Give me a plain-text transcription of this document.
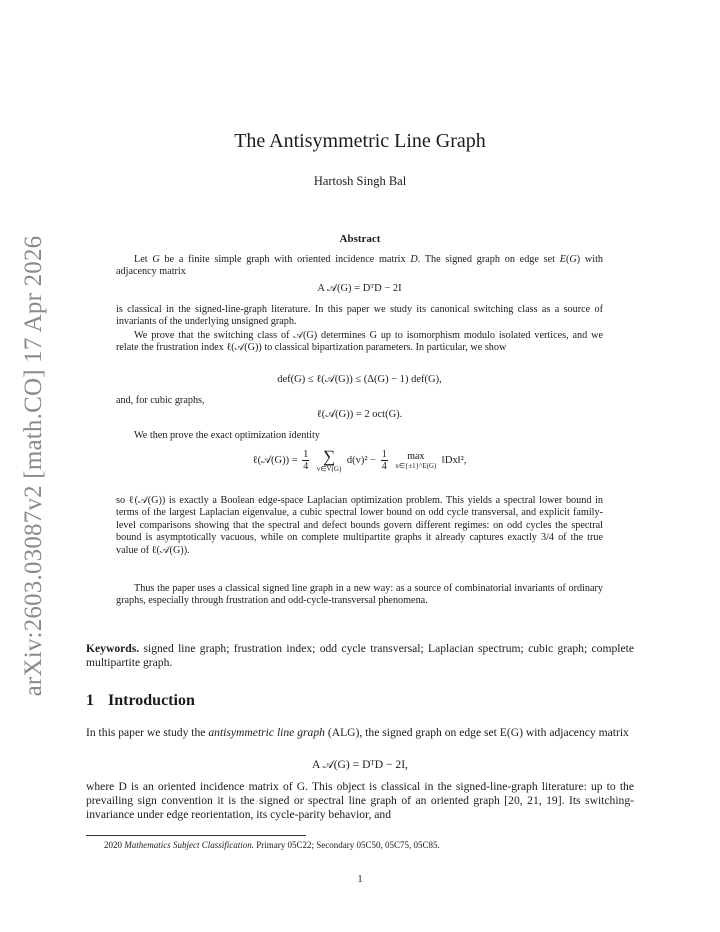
arXiv:2603.03087v2 [math.CO] 17 Apr 2026
The Antisymmetric Line Graph
Hartosh Singh Bal
Abstract
Let G be a finite simple graph with oriented incidence matrix D. The signed graph on edge set E(G) with adjacency matrix
A 𝒜(G) = DᵀD − 2I
is classical in the signed-line-graph literature. In this paper we study its canonical switching class as a source of invariants of the underlying unsigned graph.
We prove that the switching class of 𝒜(G) determines G up to isomorphism modulo isolated vertices, and we relate the frustration index ℓ(𝒜(G)) to classical bipartization parameters. In particular, we show
def(G) ≤ ℓ(𝒜(G)) ≤ (Δ(G) − 1) def(G),
and, for cubic graphs,
ℓ(𝒜(G)) = 2 oct(G).
We then prove the exact optimization identity
ℓ(𝒜(G)) = $\frac{1}{4}$
∑
v∈V(G)
$d(v)^2 - \frac{1}{4}$
	max
x∈{±1}^E(G)
‖Dx‖²,
so ℓ(𝒜(G)) is exactly a Boolean edge-space Laplacian optimization problem. This yields a spectral lower bound in terms of the largest Laplacian eigenvalue, a cubic spectral lower bound on odd cycle transversal, and explicit family-level comparisons showing that the spectral and defect bounds govern different regimes: on odd cycles the spectral bound is asymptotically vacuous, while on complete multipartite graphs it already captures exactly 3/4 of the true value of ℓ(𝒜(G)).
Thus the paper uses a classical signed line graph in a new way: as a source of combinatorial invariants of ordinary graphs, especially through frustration and odd-cycle-transversal phenomena.
Keywords. signed line graph; frustration index; odd cycle transversal; Laplacian spectrum; cubic graph; complete multipartite graph.
1 Introduction
In this paper we study the antisymmetric line graph (ALG), the signed graph on edge set E(G) with adjacency matrix
A 𝒜(G) = DᵀD − 2I,
where D is an oriented incidence matrix of G. This object is classical in the signed-line-graph literature: up to the prevailing sign convention it is the signed or spectral line graph of an oriented graph [20, 21, 19]. Its switching-invariance under edge reorientation, its cycle-parity behavior, and
2020 Mathematics Subject Classification. Primary 05C22; Secondary 05C50, 05C75, 05C85.
1
